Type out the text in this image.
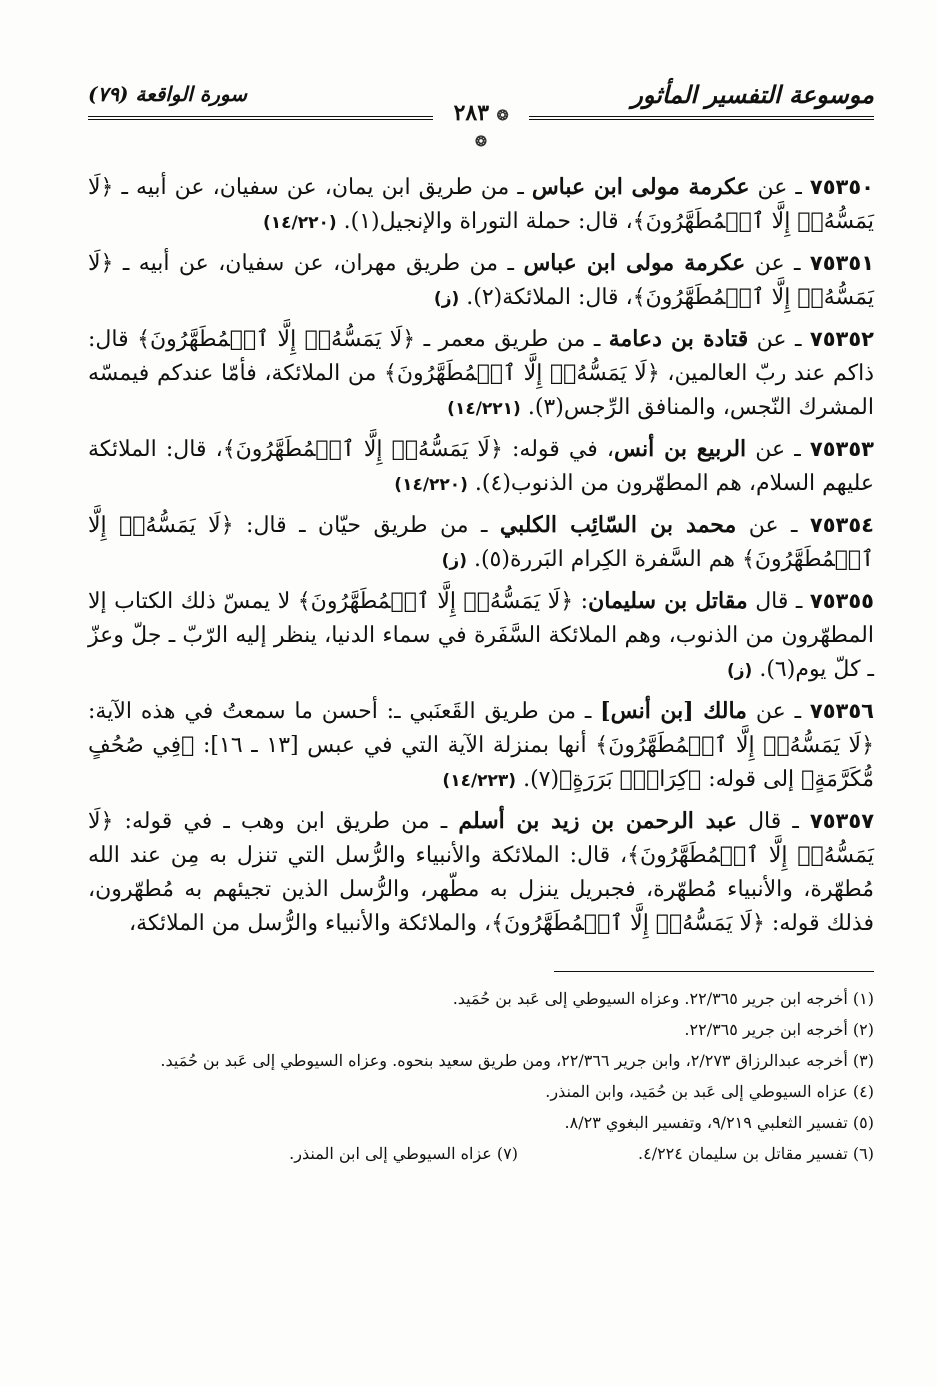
موسوعة التفسير المأثور
سورة الواقعة (٧٩)
❂ ٢٨٣ ❂

٧٥٣٥٠ ـ عن عكرمة مولى ابن عباس ـ من طريق ابن يمان، عن سفيان، عن أبيه ـ ﴿لَا يَمَسُّهُۥٓ إِلَّا ٱلۡمُطَهَّرُونَ﴾، قال: حملة التوراة والإنجيل(١). (١٤/٢٢٠)

٧٥٣٥١ ـ عن عكرمة مولى ابن عباس ـ من طريق مهران، عن سفيان، عن أبيه ـ ﴿لَا يَمَسُّهُۥٓ إِلَّا ٱلۡمُطَهَّرُونَ﴾، قال: الملائكة(٢). (ز)

٧٥٣٥٢ ـ عن قتادة بن دعامة ـ من طريق معمر ـ ﴿لَا يَمَسُّهُۥٓ إِلَّا ٱلۡمُطَهَّرُونَ﴾ قال: ذاكم عند ربّ العالمين، ﴿لَا يَمَسُّهُۥٓ إِلَّا ٱلۡمُطَهَّرُونَ﴾ من الملائكة، فأمّا عندكم فيمسّه المشرك النّجس، والمنافق الرِّجس(٣). (١٤/٢٢١)

٧٥٣٥٣ ـ عن الربيع بن أنس، في قوله: ﴿لَا يَمَسُّهُۥٓ إِلَّا ٱلۡمُطَهَّرُونَ﴾، قال: الملائكة عليهم السلام، هم المطهّرون من الذنوب(٤). (١٤/٢٢٠)

٧٥٣٥٤ ـ عن محمد بن السّائِب الكلبي ـ من طريق حيّان ـ قال: ﴿لَا يَمَسُّهُۥٓ إِلَّا ٱلۡمُطَهَّرُونَ﴾ هم السَّفرة الكِرام البَررة(٥). (ز)

٧٥٣٥٥ ـ قال مقاتل بن سليمان: ﴿لَا يَمَسُّهُۥٓ إِلَّا ٱلۡمُطَهَّرُونَ﴾ لا يمسّ ذلك الكتاب إلا المطهّرون من الذنوب، وهم الملائكة السَّفَرة في سماء الدنيا، ينظر إليه الرّبّ ـ جلّ وعزّ ـ كلّ يوم(٦). (ز)

٧٥٣٥٦ ـ عن مالك [بن أنس] ـ من طريق القَعنَبي ـ: أحسن ما سمعتُ في هذه الآية: ﴿لَا يَمَسُّهُۥٓ إِلَّا ٱلۡمُطَهَّرُونَ﴾ أنها بمنزلة الآية التي في عبس [١٣ ـ ١٦]: ﴿فِي صُحُفٍ مُّكَرَّمَةٍ﴾ إلى قوله: ﴿كِرَامِۭ بَرَرَةٍ﴾(٧). (١٤/٢٢٣)

٧٥٣٥٧ ـ قال عبد الرحمن بن زيد بن أسلم ـ من طريق ابن وهب ـ في قوله: ﴿لَا يَمَسُّهُۥٓ إِلَّا ٱلۡمُطَهَّرُونَ﴾، قال: الملائكة والأنبياء والرُّسل التي تنزل به مِن عند الله مُطهّرة، والأنبياء مُطهّرة، فجبريل ينزل به مطّهر، والرُّسل الذين تجيئهم به مُطهّرون، فذلك قوله: ﴿لَا يَمَسُّهُۥٓ إِلَّا ٱلۡمُطَهَّرُونَ﴾، والملائكة والأنبياء والرُّسل من الملائكة،

(١) أخرجه ابن جرير ٢٢/٣٦٥. وعزاه السيوطي إلى عَبد بن حُمَيد.

(٢) أخرجه ابن جرير ٢٢/٣٦٥.

(٣) أخرجه عبدالرزاق ٢/٢٧٣، وابن جرير ٢٢/٣٦٦، ومن طريق سعيد بنحوه. وعزاه السيوطي إلى عَبد بن حُمَيد.

(٤) عزاه السيوطي إلى عَبد بن حُمَيد، وابن المنذر.

(٥) تفسير الثعلبي ٩/٢١٩، وتفسير البغوي ٨/٢٣.

(٦) تفسير مقاتل بن سليمان ٤/٢٢٤.
(٧) عزاه السيوطي إلى ابن المنذر.
